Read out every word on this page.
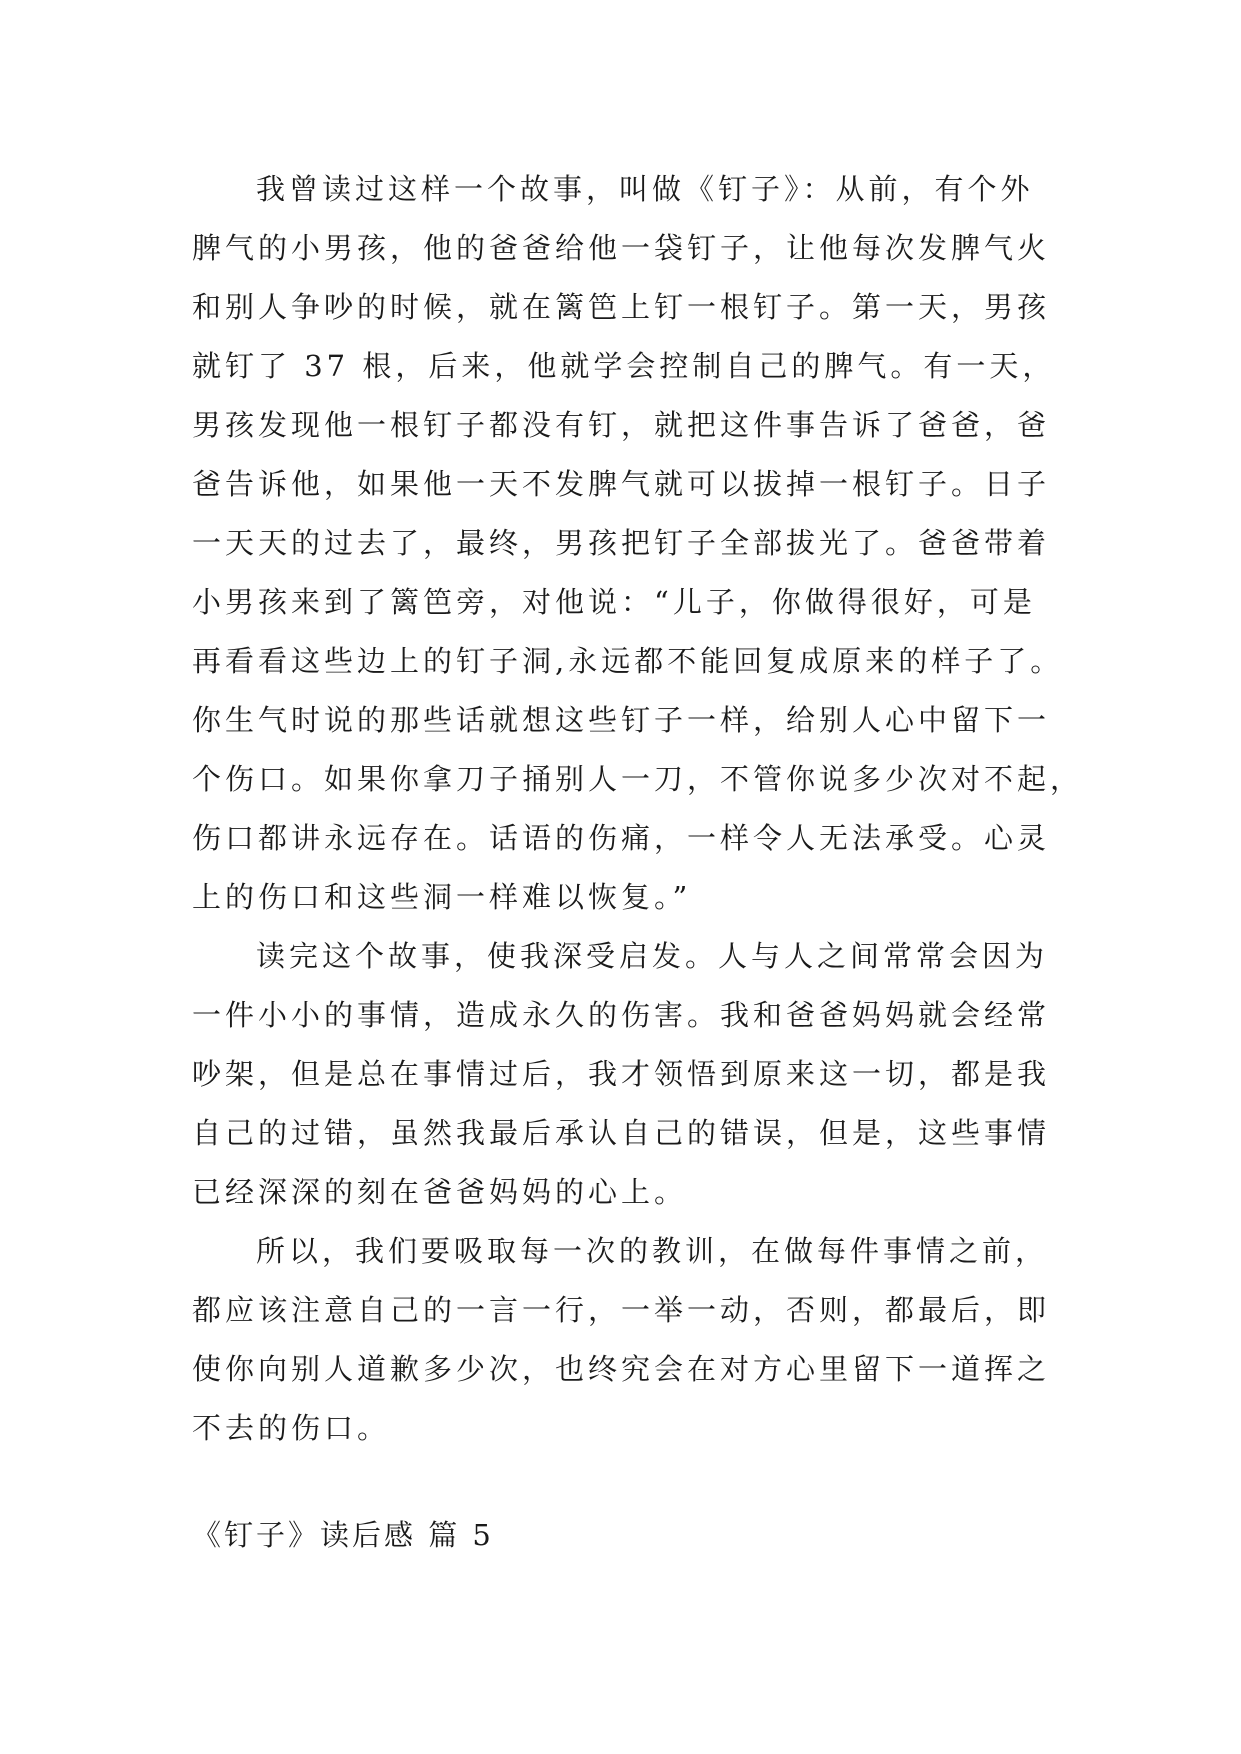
我曾读过这样一个故事，叫做《钉子》：从前，有个外
脾气的小男孩，他的爸爸给他一袋钉子，让他每次发脾气火
和别人争吵的时候，就在篱笆上钉一根钉子。第一天，男孩
就钉了 37 根，后来，他就学会控制自己的脾气。有一天，
男孩发现他一根钉子都没有钉，就把这件事告诉了爸爸，爸
爸告诉他，如果他一天不发脾气就可以拔掉一根钉子。日子
一天天的过去了，最终，男孩把钉子全部拔光了。爸爸带着
小男孩来到了篱笆旁，对他说：“儿子，你做得很好，可是
再看看这些边上的钉子洞,永远都不能回复成原来的样子了。
你生气时说的那些话就想这些钉子一样，给别人心中留下一
个伤口。如果你拿刀子捅别人一刀，不管你说多少次对不起，
伤口都讲永远存在。话语的伤痛，一样令人无法承受。心灵
上的伤口和这些洞一样难以恢复。”
读完这个故事，使我深受启发。人与人之间常常会因为
一件小小的事情，造成永久的伤害。我和爸爸妈妈就会经常
吵架，但是总在事情过后，我才领悟到原来这一切，都是我
自己的过错，虽然我最后承认自己的错误，但是，这些事情
已经深深的刻在爸爸妈妈的心上。
所以，我们要吸取每一次的教训，在做每件事情之前，
都应该注意自己的一言一行，一举一动，否则，都最后，即
使你向别人道歉多少次，也终究会在对方心里留下一道挥之
不去的伤口。
《钉子》读后感 篇 5
